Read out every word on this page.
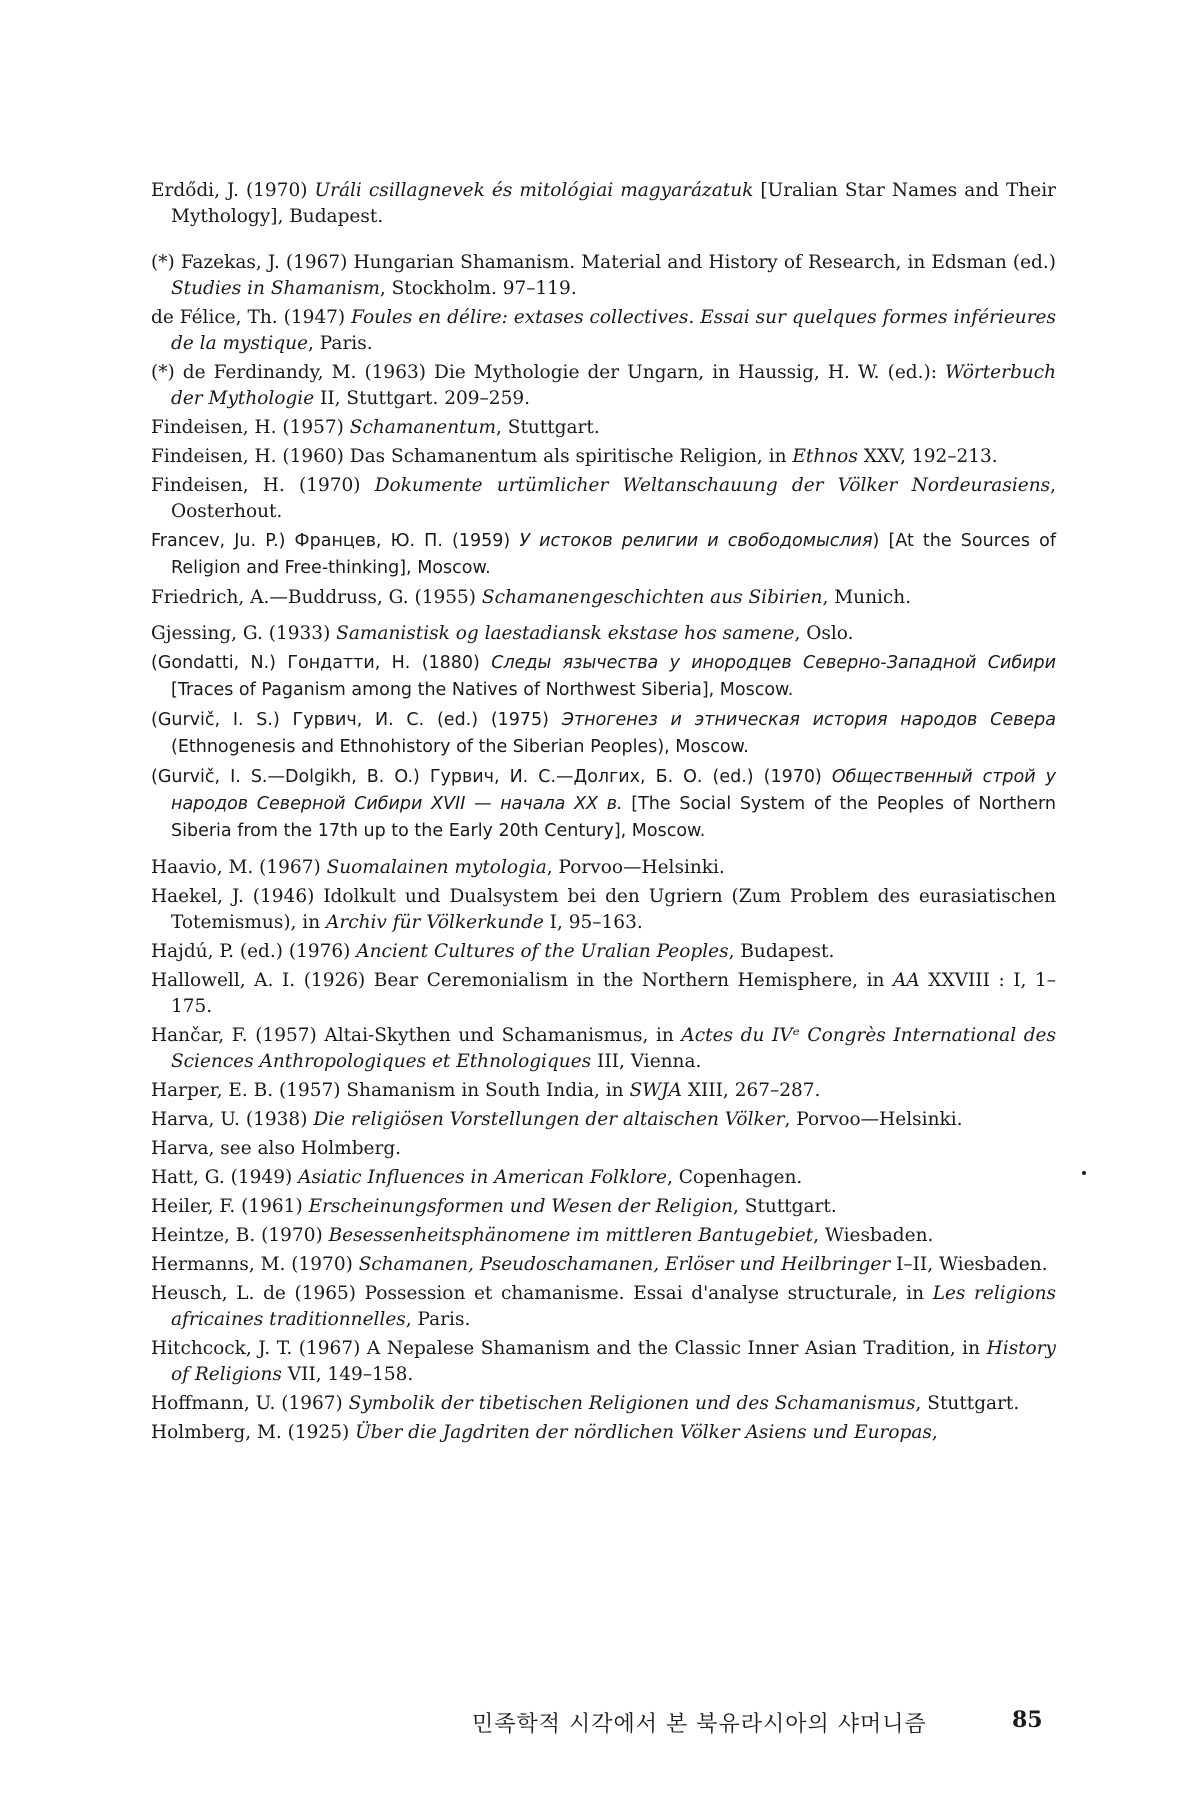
Erdődi, J. (1970) Uráli csillagnevek és mitológiai magyarázatuk [Uralian Star Names and Their Mythology], Budapest.

(*) Fazekas, J. (1967) Hungarian Shamanism. Material and History of Research, in Edsman (ed.) Studies in Shamanism, Stockholm. 97–119.

de Félice, Th. (1947) Foules en délire: extases collectives. Essai sur quelques formes inférieures de la mystique, Paris.

(*) de Ferdinandy, M. (1963) Die Mythologie der Ungarn, in Haussig, H. W. (ed.): Wörterbuch der Mythologie II, Stuttgart. 209–259.

Findeisen, H. (1957) Schamanentum, Stuttgart.

Findeisen, H. (1960) Das Schamanentum als spiritische Religion, in Ethnos XXV, 192–213.

Findeisen, H. (1970) Dokumente urtümlicher Weltanschauung der Völker Nordeurasiens, Oosterhout.

Francev, Ju. P.) Францев, Ю. П. (1959) У истоков религии и свободомыслия) [At the Sources of Religion and Free-thinking], Moscow.

Friedrich, A.—Buddruss, G. (1955) Schamanengeschichten aus Sibirien, Munich.

Gjessing, G. (1933) Samanistisk og laestadiansk ekstase hos samene, Oslo.

(Gondatti, N.) Гондатти, Н. (1880) Следы язычества у инородцев Северно-Западной Сибири [Traces of Paganism among the Natives of Northwest Siberia], Moscow.

(Gurvič, I. S.) Гурвич, И. С. (ed.) (1975) Этногенез и этническая история народов Севера (Ethnogenesis and Ethnohistory of the Siberian Peoples), Moscow.

(Gurvič, I. S.—Dolgikh, B. O.) Гурвич, И. С.—Долгих, Б. О. (ed.) (1970) Общественный строй у народов Северной Сибири XVII — начала XX в. [The Social System of the Peoples of Northern Siberia from the 17th up to the Early 20th Century], Moscow.

Haavio, M. (1967) Suomalainen mytologia, Porvoo—Helsinki.

Haekel, J. (1946) Idolkult und Dualsystem bei den Ugriern (Zum Problem des eurasiatischen Totemismus), in Archiv für Völkerkunde I, 95–163.

Hajdú, P. (ed.) (1976) Ancient Cultures of the Uralian Peoples, Budapest.

Hallowell, A. I. (1926) Bear Ceremonialism in the Northern Hemisphere, in AA XXVIII : I, 1–175.

Hančar, F. (1957) Altai-Skythen und Schamanismus, in Actes du IVᵉ Congrès International des Sciences Anthropologiques et Ethnologiques III, Vienna.

Harper, E. B. (1957) Shamanism in South India, in SWJA XIII, 267–287.

Harva, U. (1938) Die religiösen Vorstellungen der altaischen Völker, Porvoo—Helsinki.

Harva, see also Holmberg.

Hatt, G. (1949) Asiatic Influences in American Folklore, Copenhagen.

Heiler, F. (1961) Erscheinungsformen und Wesen der Religion, Stuttgart.

Heintze, B. (1970) Besessenheitsphänomene im mittleren Bantugebiet, Wiesbaden.

Hermanns, M. (1970) Schamanen, Pseudoschamanen, Erlöser und Heilbringer I–II, Wiesbaden.

Heusch, L. de (1965) Possession et chamanisme. Essai d'analyse structurale, in Les religions africaines traditionnelles, Paris.

Hitchcock, J. T. (1967) A Nepalese Shamanism and the Classic Inner Asian Tradition, in History of Religions VII, 149–158.

Hoffmann, U. (1967) Symbolik der tibetischen Religionen und des Schamanismus, Stuttgart.

Holmberg, M. (1925) Über die Jagdriten der nördlichen Völker Asiens und Europas,

민족학적 시각에서 본 북유라시아의 샤머니즘	85
